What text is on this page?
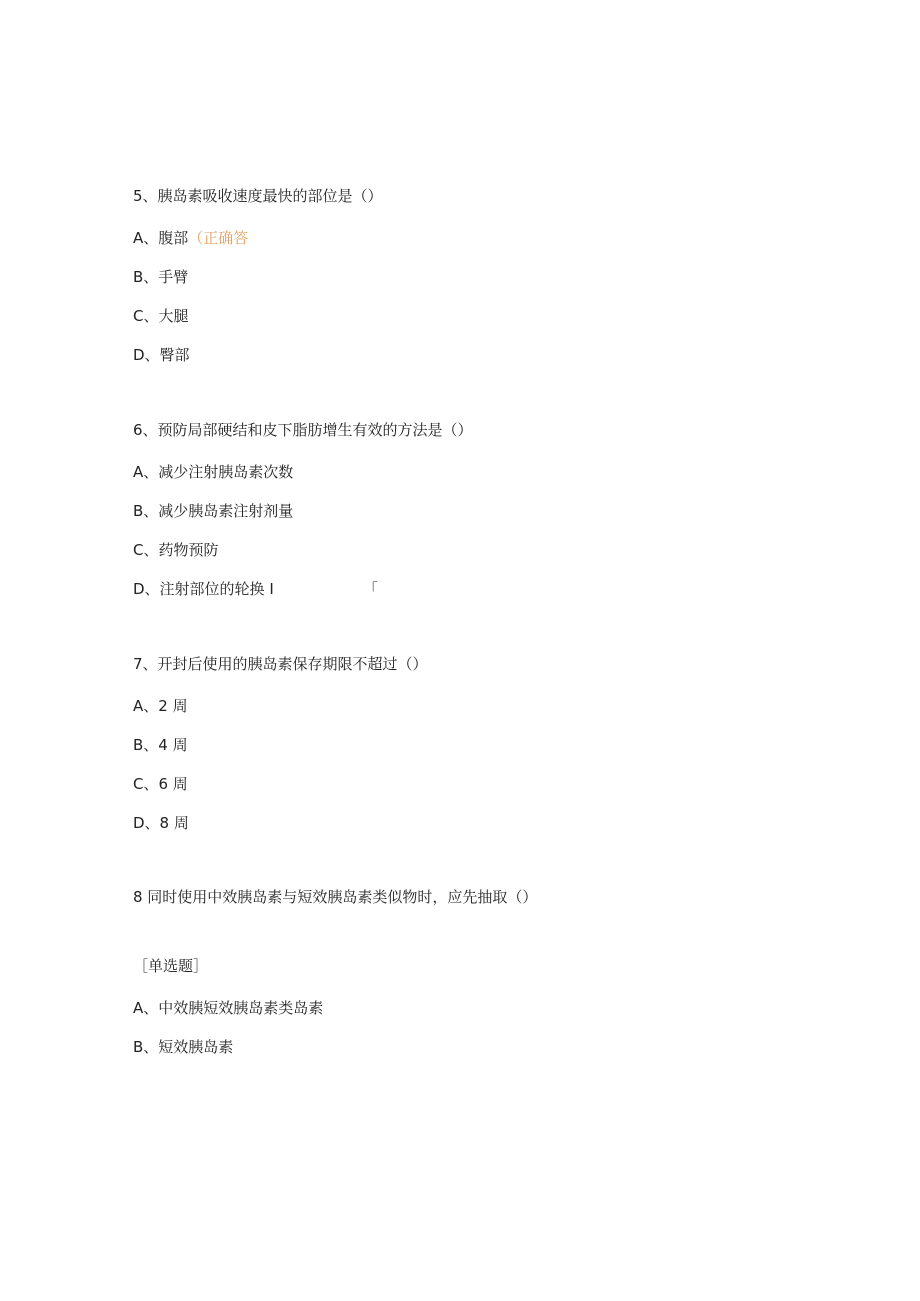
5、胰岛素吸收速度最快的部位是（）
A、腹部（正确答
B、手臂
C、大腿
D、臀部
6、预防局部硬结和皮下脂肪增生有效的方法是（）
A、减少注射胰岛素次数
B、减少胰岛素注射剂量
C、药物预防
D、注射部位的轮换 I	「
7、开封后使用的胰岛素保存期限不超过（）
A、2 周
B、4 周
C、6 周
D、8 周
8 同时使用中效胰岛素与短效胰岛素类似物时，应先抽取（）
［单选题］
A、中效胰短效胰岛素类岛素
B、短效胰岛素
